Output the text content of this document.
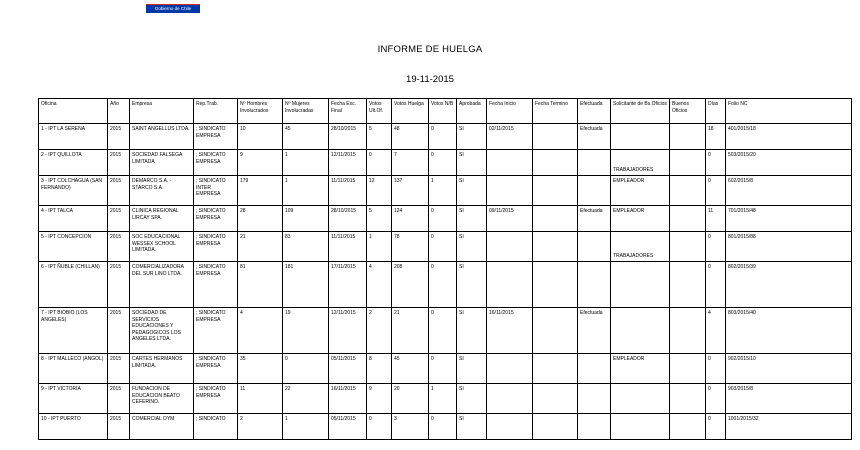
Gobierno de Chile
INFORME DE HUELGA
19-11-2015
Oficina	Año	Empresa	Rep.Trab.	Nº Hombres Involucrados	Nº Mujeres Involucradas	Fecha Exc. Final	Votos Ult.Of.	Votos Huelga	Votos N/B	Aprobada	Fecha Inicio	Fecha Termino	Efectuada	Solicitante de Bs.Oficios	Buenos Oficios	Días	Folio NC
1 - IPT LA SERENA	2015	SAINT ANGELLUS LTDA.	; SINDICATO EMPRESA	10	45	28/10/2015	5	48	0	SI	02/11/2015		Efectuada			18	401/2015/18
2 - IPT QUILLOTA	2015	SOCIEDAD FALSEGA LIMITADA	; SINDICATO EMPRESA	9	1	12/11/2015	0	7	0	SI				TRABAJADORES		0	503/2015/20
3 - IPT COLCHAGUA (SAN FERNANDO)	2015	DEMARCO S.A. - STARCO S.A.	; SINDICATO INTER EMPRESA	179	1	11/11/2015	12	137	1	SI				EMPLEADOR		0	602/2015/8
4 - IPT TALCA	2015	CLINICA REGIONAL LIRCAY SPA.	; SINDICATO EMPRESA	28	109	28/10/2015	5	124	0	SI	09/11/2015		Efectuada	EMPLEADOR		11	701/2015/48
5 - IPT CONCEPCION	2015	SOC EDUCACIONAL WESSEX SCHOOL LIMITADA.	; SINDICATO EMPRESA	21	83	11/11/2015	1	78	0	SI				TRABAJADORES		0	801/2015/88
6 - IPT ÑUBLE (CHILLAN)	2015	COMERCIALIZADORA DEL SUR LINO LTDA.	; SINDICATO EMPRESA	81	181	17/11/2015	4	208	0	SI						0	802/2015/39
7 - IPT BIOBIO (LOS ANGELES)	2015	SOCIEDAD DE SERVICIOS EDUCACIONES Y PEDAGOGICOS LOS ANGELES LTDA.	; SINDICATO EMPRESA	4	19	12/11/2015	2	21	0	SI	16/11/2015		Efectuada			4	803/2015/40
8 - IPT MALLECO (ANGOL)	2015	CARTES HERMANOS LIMITADA.	; SINDICATO EMPRESA	35	0	05/11/2015	8	45	0	SI				EMPLEADOR		0	902/2015/10
9 - IPT VICTORIA	2015	FUNDACION DE EDUCACION BEATO CEFERINO.	; SINDICATO EMPRESA	11	22	16/11/2015	9	20	1	SI						0	903/2015/8
10 - IPT PUERTO	2015	COMERCIAL OYM	; SINDICATO	2	1	05/11/2015	0	3	0	SI						0	1001/2015/32
